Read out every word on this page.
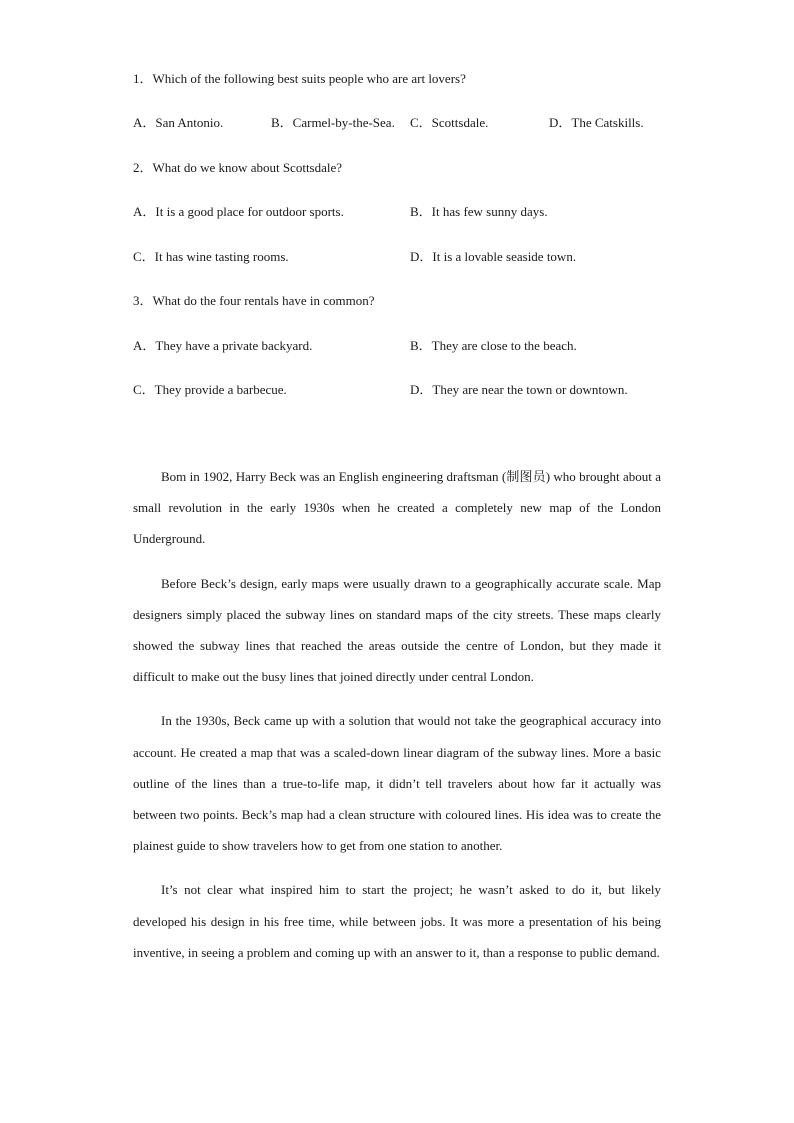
1．Which of the following best suits people who are art lovers?
A．San Antonio.	B．Carmel-by-the-Sea. C．Scottsdale.	D．The Catskills.
2．What do we know about Scottsdale?
A．It is a good place for outdoor sports.	B．It has few sunny days.
C．It has wine tasting rooms.	D．It is a lovable seaside town.
3．What do the four rentals have in common?
A．They have a private backyard.	B．They are close to the beach.
C．They provide a barbecue.	D．They are near the town or downtown.

Bom in 1902, Harry Beck was an English engineering draftsman (制图员) who brought about a small revolution in the early 1930s when he created a completely new map of the London Underground.

Before Beck’s design, early maps were usually drawn to a geographically accurate scale. Map designers simply placed the subway lines on standard maps of the city streets. These maps clearly showed the subway lines that reached the areas outside the centre of London, but they made it difficult to make out the busy lines that joined directly under central London.

In the 1930s, Beck came up with a solution that would not take the geographical accuracy into account. He created a map that was a scaled-down linear diagram of the subway lines. More a basic outline of the lines than a true-to-life map, it didn’t tell travelers about how far it actually was between two points. Beck’s map had a clean structure with coloured lines. His idea was to create the plainest guide to show travelers how to get from one station to another.

It’s not clear what inspired him to start the project; he wasn’t asked to do it, but likely developed his design in his free time, while between jobs. It was more a presentation of his being inventive, in seeing a problem and coming up with an answer to it, than a response to public demand.
